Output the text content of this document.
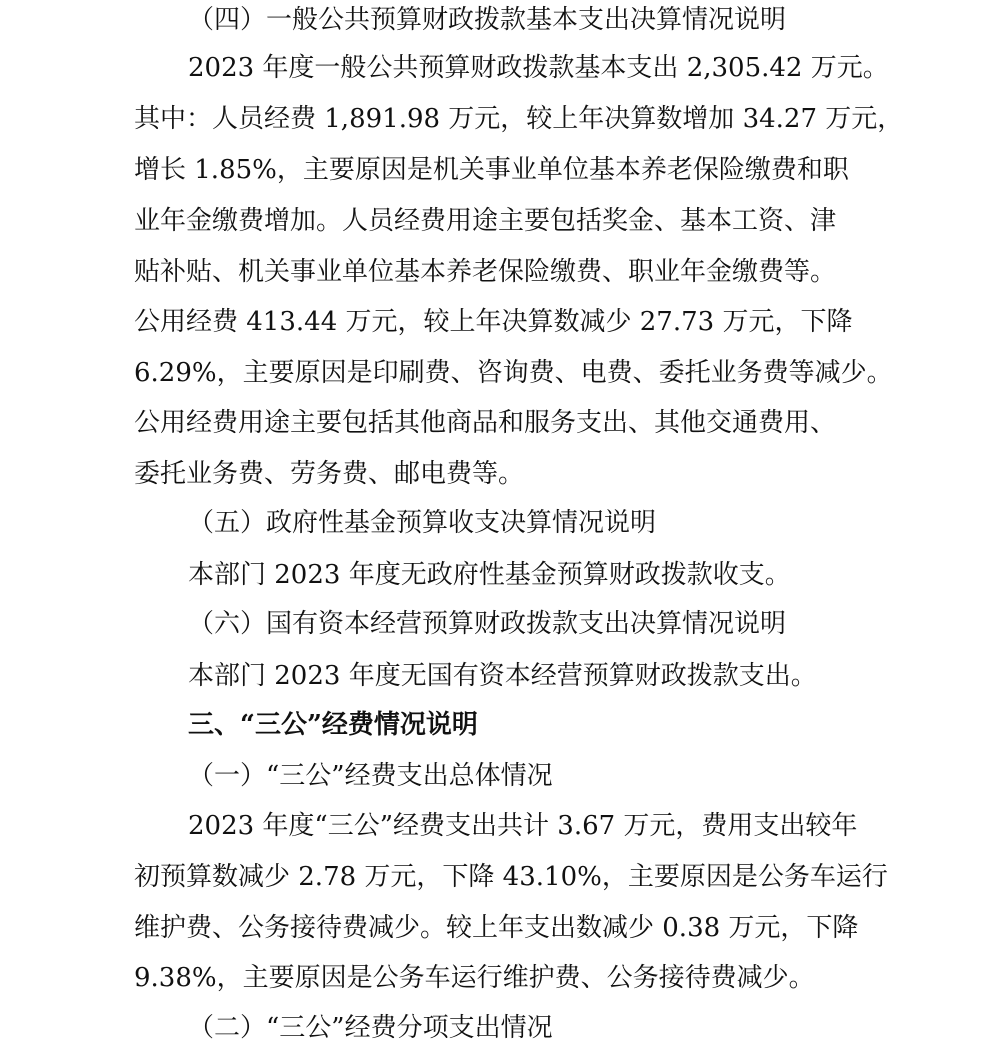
（四）一般公共预算财政拨款基本支出决算情况说明
2023 年度一般公共预算财政拨款基本支出 2,305.42 万元。
其中：人员经费 1,891.98 万元，较上年决算数增加 34.27 万元，
增长 1.85%，主要原因是机关事业单位基本养老保险缴费和职
业年金缴费增加。人员经费用途主要包括奖金、基本工资、津
贴补贴、机关事业单位基本养老保险缴费、职业年金缴费等。
公用经费 413.44 万元，较上年决算数减少 27.73 万元，下降
6.29%，主要原因是印刷费、咨询费、电费、委托业务费等减少。
公用经费用途主要包括其他商品和服务支出、其他交通费用、
委托业务费、劳务费、邮电费等。
（五）政府性基金预算收支决算情况说明
本部门 2023 年度无政府性基金预算财政拨款收支。
（六）国有资本经营预算财政拨款支出决算情况说明
本部门 2023 年度无国有资本经营预算财政拨款支出。
三、“三公”经费情况说明
（一）“三公”经费支出总体情况
2023 年度“三公”经费支出共计 3.67 万元，费用支出较年
初预算数减少 2.78 万元，下降 43.10%，主要原因是公务车运行
维护费、公务接待费减少。较上年支出数减少 0.38 万元，下降
9.38%，主要原因是公务车运行维护费、公务接待费减少。
（二）“三公”经费分项支出情况
